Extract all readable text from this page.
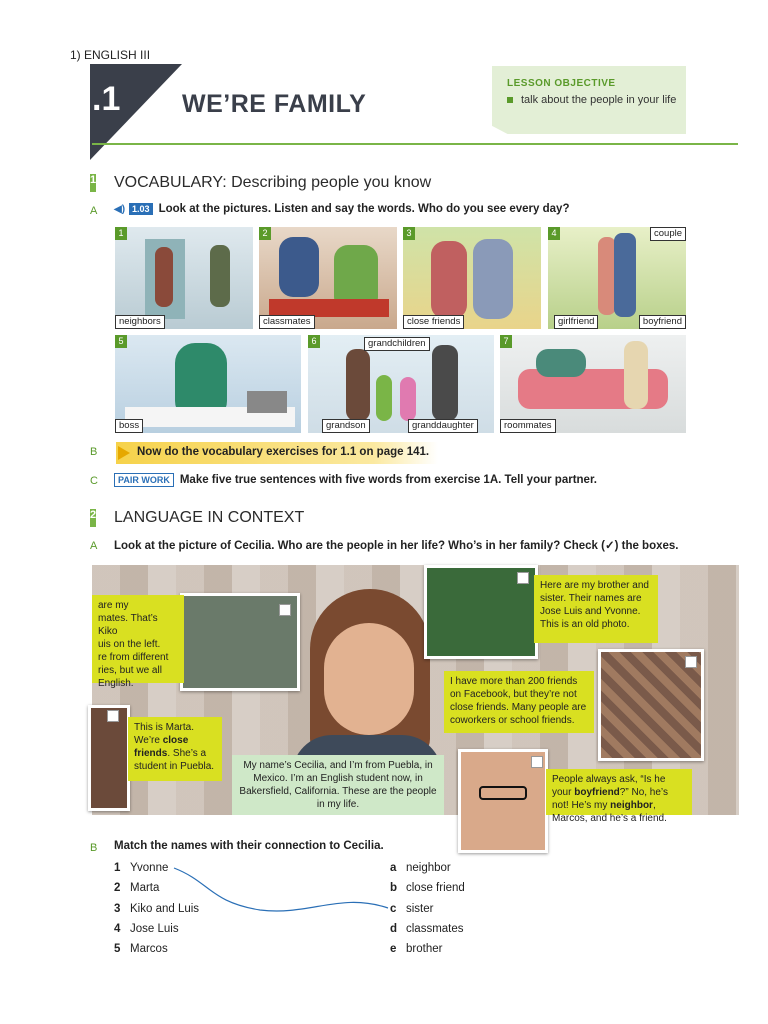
1) ENGLISH III
.1 WE’RE FAMILY
LESSON OBJECTIVE
talk about the people in your life
1 VOCABULARY: Describing people you know
A ◀) 1.03 Look at the pictures. Listen and say the words. Who do you see every day?
1
neighbors
2
classmates
3
close friends
4	couple
girlfriend	boyfriend
5
boss
6	grandchildren
grandson	granddaughter
7
roommates
B	Now do the vocabulary exercises for 1.1 on page 141.
C	PAIR WORK Make five true sentences with five words from exercise 1A. Tell your partner.
2 LANGUAGE IN CONTEXT
A Look at the picture of Cecilia. Who are the people in her life? Who’s in her family? Check (✓) the boxes.
are my
mates. That’s Kiko
uis on the left.
re from different
ries, but we all
English.
Here are my brother and sister. Their names are Jose Luis and Yvonne. This is an old photo.
I have more than 200 friends on Facebook, but they’re not close friends. Many people are coworkers or school friends.
This is Marta. We’re close friends. She’s a student in Puebla.	My name’s Cecilia, and I’m from Puebla, in Mexico. I’m an English student now, in Bakersfield, California. These are the people in my life.
People always ask, “Is he your boyfriend?” No, he’s not! He’s my neighbor, Marcos, and he’s a friend.
B Match the names with their connection to Cecilia.
1 Yvonne
2 Marta
3 Kiko and Luis
4 Jose Luis
5 Marcos
a neighbor
b close friend
c sister
d classmates
e brother
